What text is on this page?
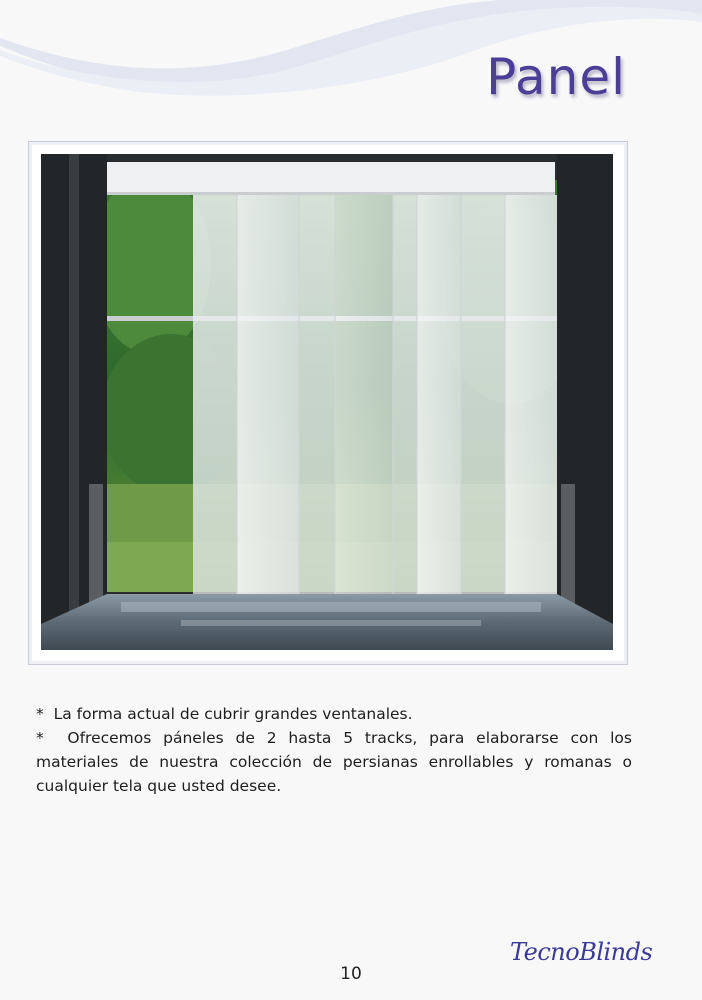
Panel

* La forma actual de cubrir grandes ventanales.

* Ofrecemos páneles de 2 hasta 5 tracks, para elaborarse con los materiales de nuestra colección de persianas enrollables y romanas o cualquier tela que usted desee.

TecnoBlinds
10
